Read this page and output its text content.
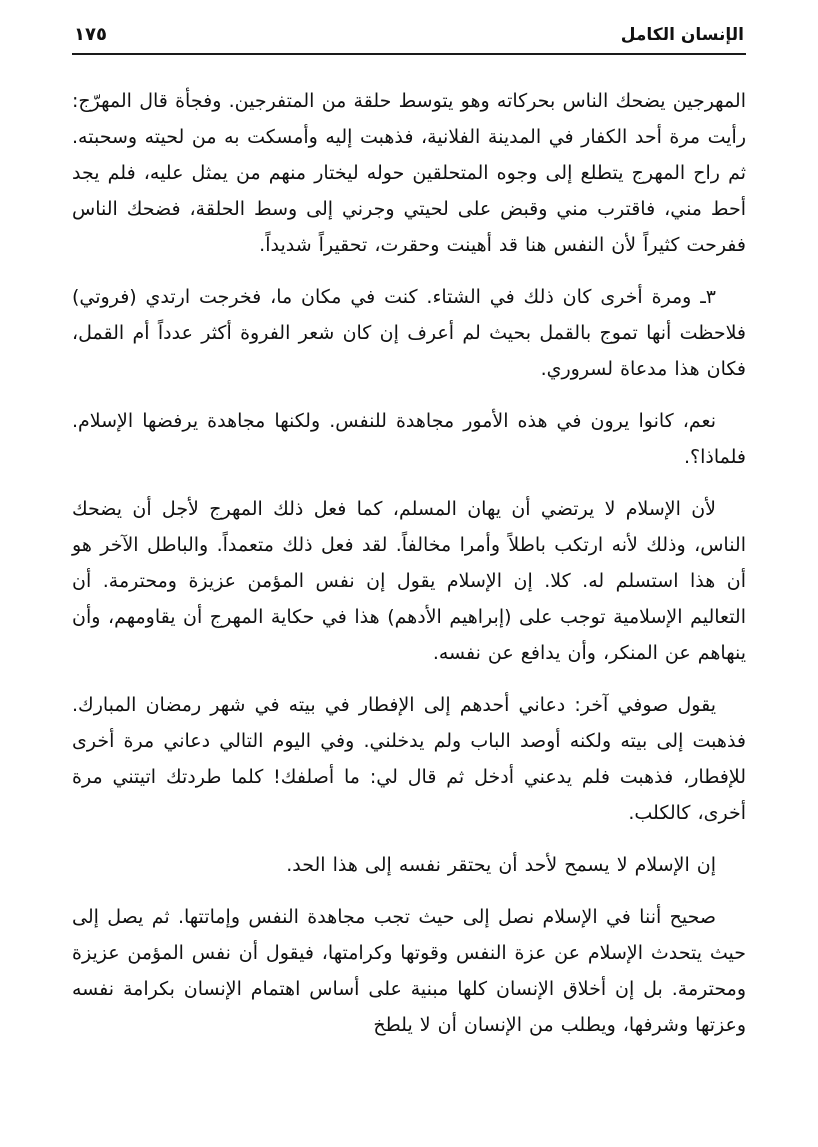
الإنسان الكامل
١٧٥

المهرجين يضحك الناس بحركاته وهو يتوسط حلقة من المتفرجين. وفجأة قال المهرّج: رأيت مرة أحد الكفار في المدينة الفلانية، فذهبت إليه وأمسكت به من لحيته وسحبته. ثم راح المهرج يتطلع إلى وجوه المتحلقين حوله ليختار منهم من يمثل عليه، فلم يجد أحط مني، فاقترب مني وقبض على لحيتي وجرني إلى وسط الحلقة، فضحك الناس ففرحت كثيراً لأن النفس هنا قد أهينت وحقرت، تحقيراً شديداً.

٣ـ ومرة أخرى كان ذلك في الشتاء. كنت في مكان ما، فخرجت ارتدي (فروتي) فلاحظت أنها تموج بالقمل بحيث لم أعرف إن كان شعر الفروة أكثر عدداً أم القمل، فكان هذا مدعاة لسروري.

نعم، كانوا يرون في هذه الأمور مجاهدة للنفس. ولكنها مجاهدة يرفضها الإسلام. فلماذا؟.

لأن الإسلام لا يرتضي أن يهان المسلم، كما فعل ذلك المهرج لأجل أن يضحك الناس، وذلك لأنه ارتكب باطلاً وأمرا مخالفاً. لقد فعل ذلك متعمداً. والباطل الآخر هو أن هذا استسلم له. كلا. إن الإسلام يقول إن نفس المؤمن عزيزة ومحترمة. أن التعاليم الإسلامية توجب على (إبراهيم الأدهم) هذا في حكاية المهرج أن يقاومهم، وأن ينهاهم عن المنكر، وأن يدافع عن نفسه.

يقول صوفي آخر: دعاني أحدهم إلى الإفطار في بيته في شهر رمضان المبارك. فذهبت إلى بيته ولكنه أوصد الباب ولم يدخلني. وفي اليوم التالي دعاني مرة أخرى للإفطار، فذهبت فلم يدعني أدخل ثم قال لي: ما أصلفك! كلما طردتك اتيتني مرة أخرى، كالكلب.

إن الإسلام لا يسمح لأحد أن يحتقر نفسه إلى هذا الحد.

صحيح أننا في الإسلام نصل إلى حيث تجب مجاهدة النفس وإماتتها. ثم يصل إلى حيث يتحدث الإسلام عن عزة النفس وقوتها وكرامتها، فيقول أن نفس المؤمن عزيزة ومحترمة. بل إن أخلاق الإنسان كلها مبنية على أساس اهتمام الإنسان بكرامة نفسه وعزتها وشرفها، ويطلب من الإنسان أن لا يلطخ
